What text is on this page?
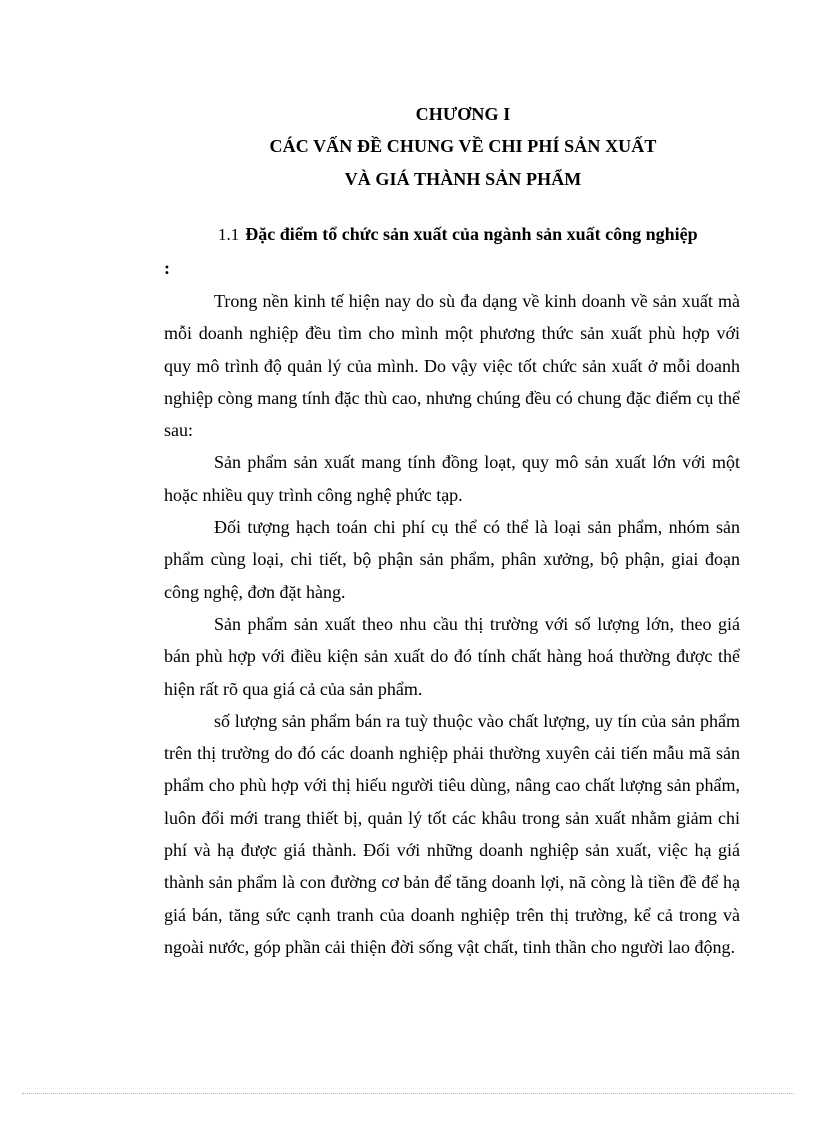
CHƯƠNG I
CÁC VẤN ĐỀ CHUNG VỀ CHI PHÍ SẢN XUẤT
VÀ GIÁ THÀNH SẢN PHẨM
1.1 Đặc điểm tổ chức sản xuất của ngành sản xuất công nghiệp
:

Trong nền kinh tế hiện nay do sù đa dạng về kinh doanh về sản xuất mà mỗi doanh nghiệp đều tìm cho mình một phương thức sản xuất phù hợp với quy mô trình độ quản lý của mình. Do vậy việc tốt chức sản xuất ở mỗi doanh nghiệp còng mang tính đặc thù cao, nhưng chúng đều có chung đặc điểm cụ thể sau:

Sản phẩm sản xuất mang tính đồng loạt, quy mô sản xuất lớn với một hoặc nhiều quy trình công nghệ phức tạp.

Đối tượng hạch toán chi phí cụ thể có thể là loại sản phẩm, nhóm sản phẩm cùng loại, chi tiết, bộ phận sản phẩm, phân xưởng, bộ phận, giai đoạn công nghệ, đơn đặt hàng.

Sản phẩm sản xuất theo nhu cầu thị trường với số lượng lớn, theo giá bán phù hợp với điều kiện sản xuất do đó tính chất hàng hoá thường được thể hiện rất rõ qua giá cả của sản phẩm.

số lượng sản phẩm bán ra tuỳ thuộc vào chất lượng, uy tín của sản phẩm trên thị trường do đó các doanh nghiệp phải thường xuyên cải tiến mẫu mã sản phẩm cho phù hợp với thị hiếu người tiêu dùng, nâng cao chất lượng sản phẩm, luôn đổi mới trang thiết bị, quản lý tốt các khâu trong sản xuất nhằm giảm chi phí và hạ được giá thành. Đối với những doanh nghiệp sản xuất, việc hạ giá thành sản phẩm là con đường cơ bản để tăng doanh lợi, nã còng là tiền đề để hạ giá bán, tăng sức cạnh tranh của doanh nghiệp trên thị trường, kể cả trong và ngoài nước, góp phần cải thiện đời sống vật chất, tinh thần cho người lao động.
